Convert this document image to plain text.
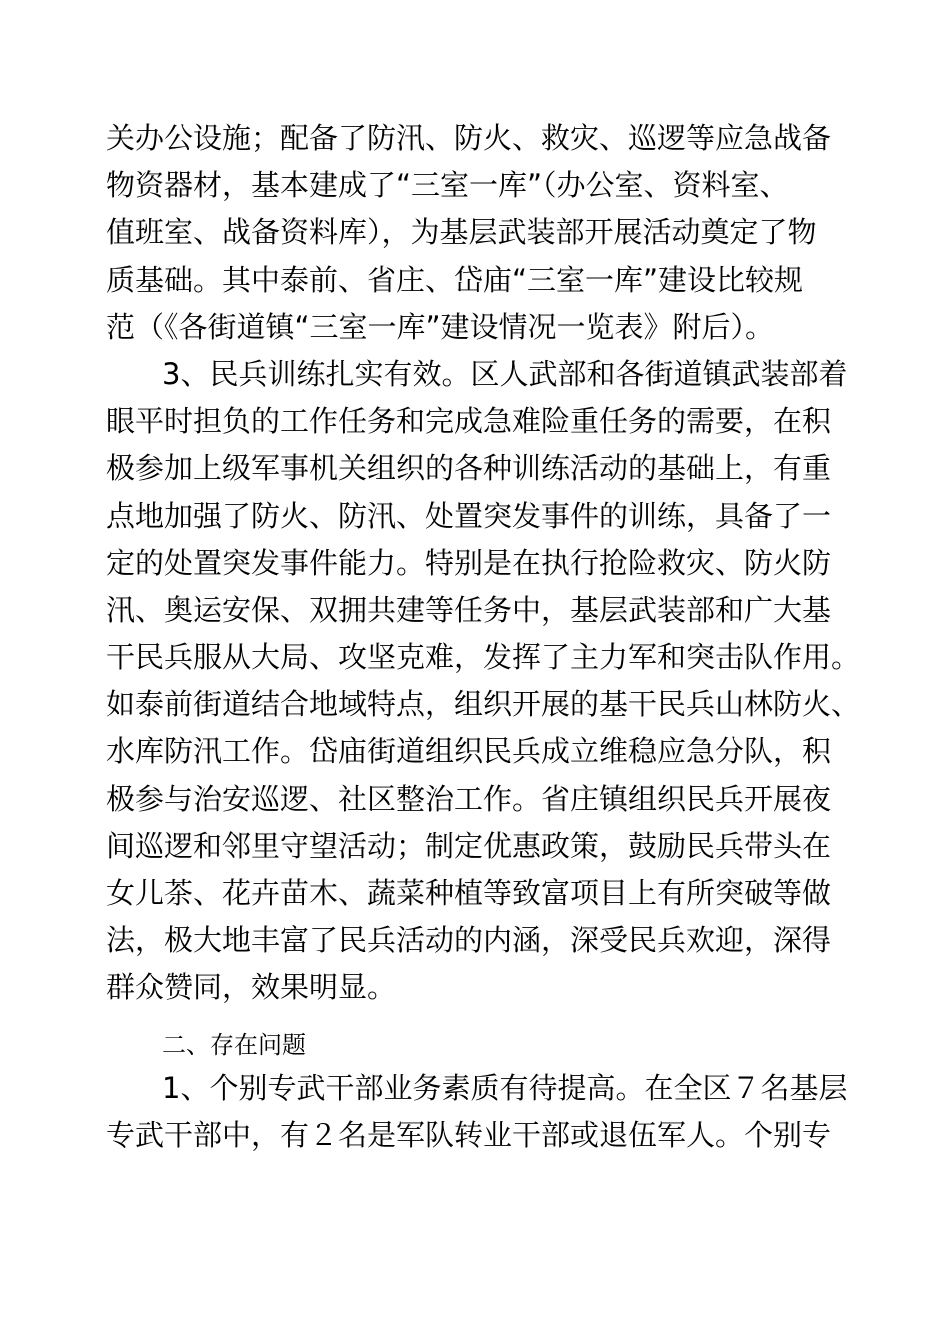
关办公设施；配备了防汛、防火、救灾、巡逻等应急战备
物资器材，基本建成了“三室一库”（办公室、资料室、
值班室、战备资料库），为基层武装部开展活动奠定了物
质基础。其中泰前、省庄、岱庙“三室一库”建设比较规
范（《各街道镇“三室一库”建设情况一览表》附后）。
3、民兵训练扎实有效。区人武部和各街道镇武装部着
眼平时担负的工作任务和完成急难险重任务的需要，在积
极参加上级军事机关组织的各种训练活动的基础上，有重
点地加强了防火、防汛、处置突发事件的训练，具备了一
定的处置突发事件能力。特别是在执行抢险救灾、防火防
汛、奥运安保、双拥共建等任务中，基层武装部和广大基
干民兵服从大局、攻坚克难，发挥了主力军和突击队作用。
如泰前街道结合地域特点，组织开展的基干民兵山林防火、
水库防汛工作。岱庙街道组织民兵成立维稳应急分队，积
极参与治安巡逻、社区整治工作。省庄镇组织民兵开展夜
间巡逻和邻里守望活动；制定优惠政策，鼓励民兵带头在
女儿茶、花卉苗木、蔬菜种植等致富项目上有所突破等做
法，极大地丰富了民兵活动的内涵，深受民兵欢迎，深得
群众赞同，效果明显。
二、存在问题
1、个别专武干部业务素质有待提高。在全区７名基层
专武干部中，有２名是军队转业干部或退伍军人。个别专
